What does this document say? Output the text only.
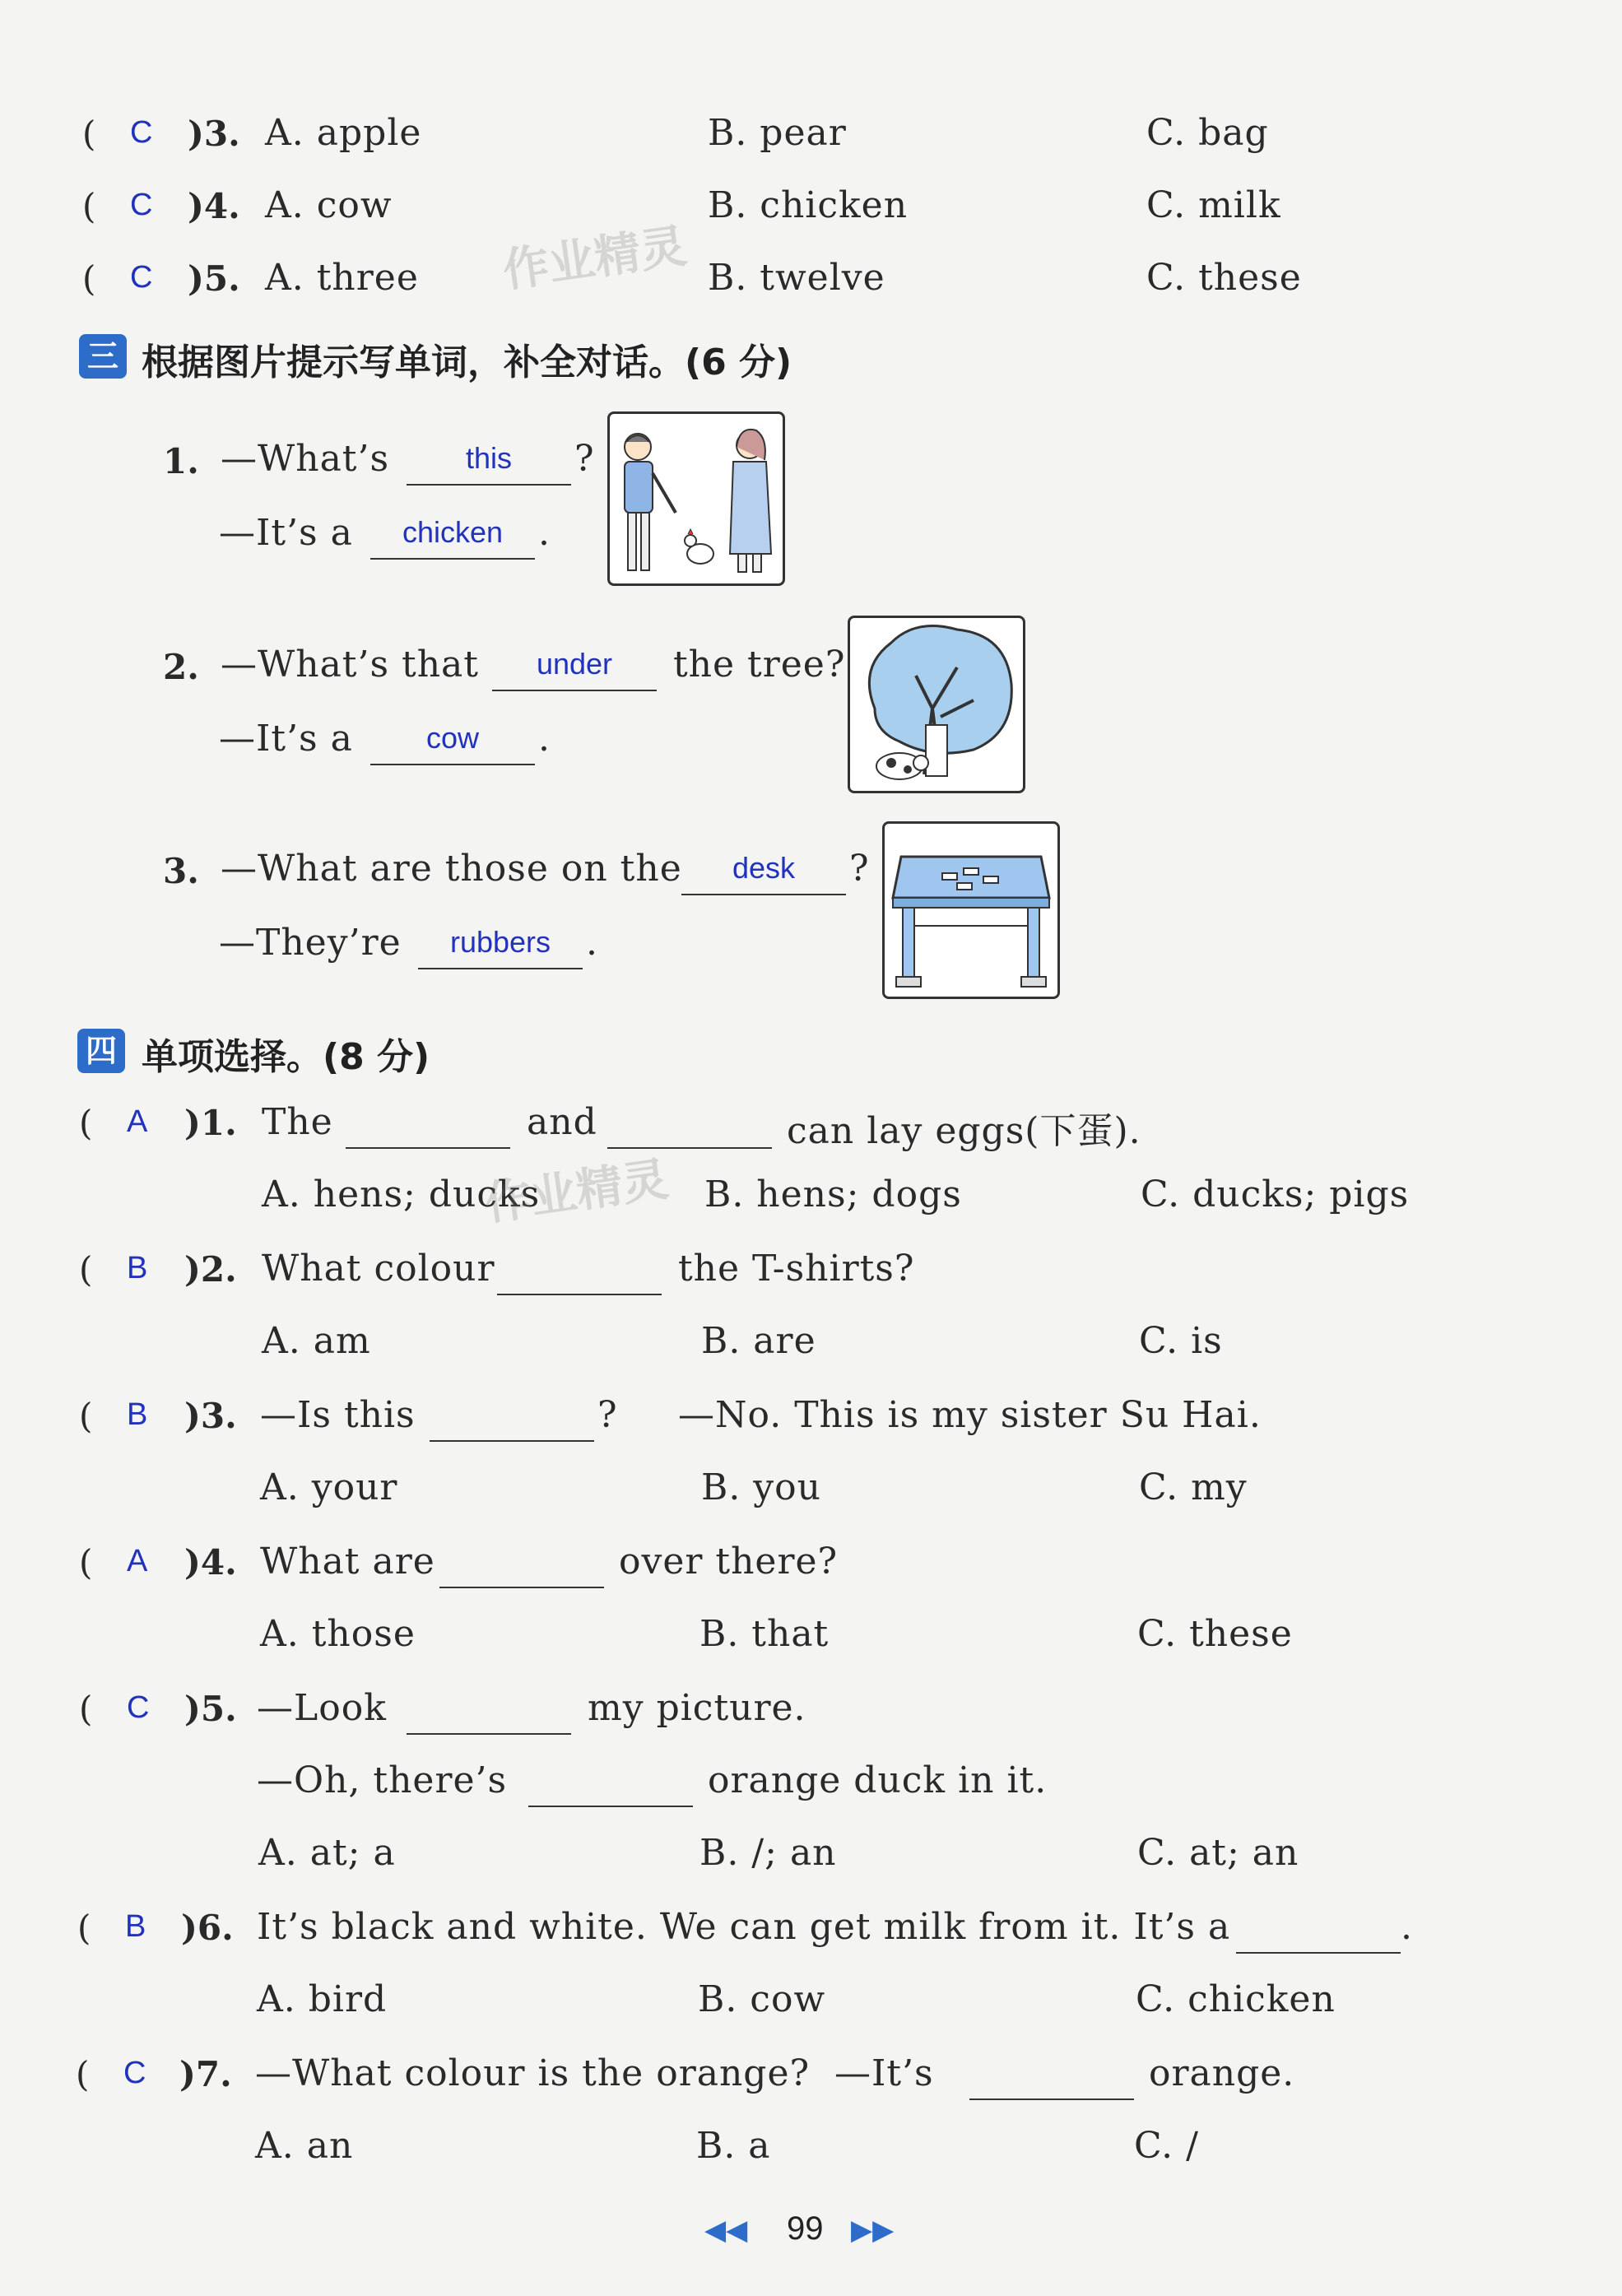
( C )3. A. apple	B. pear	C. bag
( C )4. A. cow	B. chicken	C. milk
( C )5. A. three	B. twelve	C. these
作业精灵
三 根据图片提示写单词，补全对话。(6 分)
1. —What’s	this	?
—It’s a	chicken .
2. —What’s that	under	the tree?
—It’s a	cow	.
3. —What are those on the	desk	?
—They’re	rubbers .
四 单项选择。(8 分)
( A )1. The	and	can lay eggs(下蛋).
A. hens; ducks	B. hens; dogs	C. ducks; pigs
作业精灵
( B )2. What colour	the T-shirts?
A. am	B. are	C. is
( B )3. —Is this	? —No. This is my sister Su Hai.
A. your	B. you	C. my
( A )4. What are	over there?
A. those	B. that	C. these
( C )5. —Look	my picture.
—Oh, there’s	orange duck in it.
A. at; a	B. /; an	C. at; an
( B )6. It’s black and white. We can get milk from it. It’s a	.
A. bird	B. cow	C. chicken
( C )7. —What colour is the orange? —It’s	orange.
A. an	B. a	C. /
◀◀ 99 ▶▶
